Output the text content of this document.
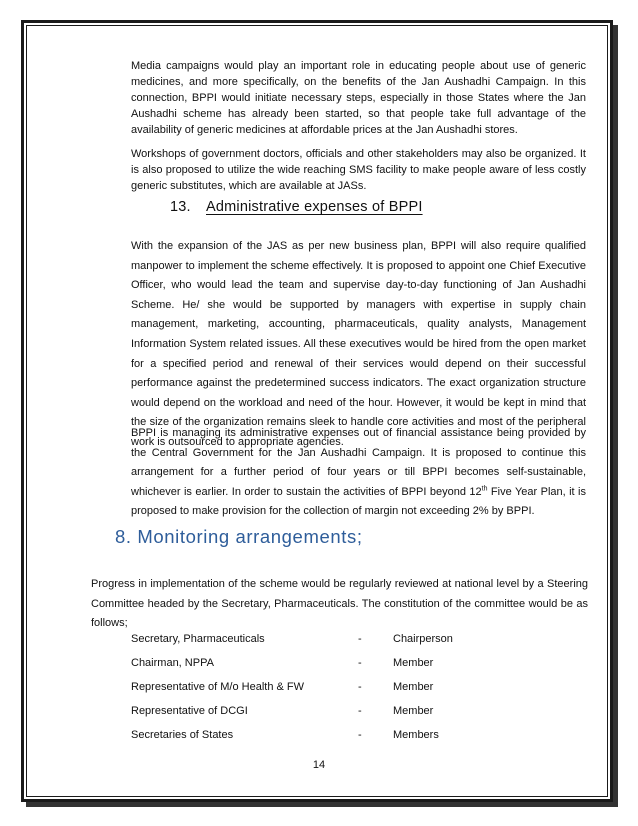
Media campaigns would play an important role in educating people about use of generic medicines, and more specifically, on the benefits of the Jan Aushadhi Campaign. In this connection, BPPI would initiate necessary steps, especially in those States where the Jan Aushadhi scheme has already been started, so that people take full advantage of the availability of generic medicines at affordable prices at the Jan Aushadhi stores.

Workshops of government doctors, officials and other stakeholders may also be organized. It is also proposed to utilize the wide reaching SMS facility to make people aware of less costly generic substitutes, which are available at JASs.

13. Administrative expenses of BPPI

With the expansion of the JAS as per new business plan, BPPI will also require qualified manpower to implement the scheme effectively. It is proposed to appoint one Chief Executive Officer, who would lead the team and supervise day-to-day functioning of Jan Aushadhi Scheme. He/ she would be supported by managers with expertise in supply chain management, marketing, accounting, pharmaceuticals, quality analysts, Management Information System related issues. All these executives would be hired from the open market for a specified period and renewal of their services would depend on their successful performance against the predetermined success indicators. The exact organization structure would depend on the workload and need of the hour. However, it would be kept in mind that the size of the organization remains sleek to handle core activities and most of the peripheral work is outsourced to appropriate agencies.

BPPI is managing its administrative expenses out of financial assistance being provided by the Central Government for the Jan Aushadhi Campaign. It is proposed to continue this arrangement for a further period of four years or till BPPI becomes self-sustainable, whichever is earlier. In order to sustain the activities of BPPI beyond 12th Five Year Plan, it is proposed to make provision for the collection of margin not exceeding 2% by BPPI.

8. Monitoring arrangements;

Progress in implementation of the scheme would be regularly reviewed at national level by a Steering Committee headed by the Secretary, Pharmaceuticals. The constitution of the committee would be as follows;

Secretary, Pharmaceuticals	-	Chairperson
Chairman, NPPA	-	Member
Representative of M/o Health & FW	-	Member
Representative of DCGI	-	Member
Secretaries of States	-	Members
14
